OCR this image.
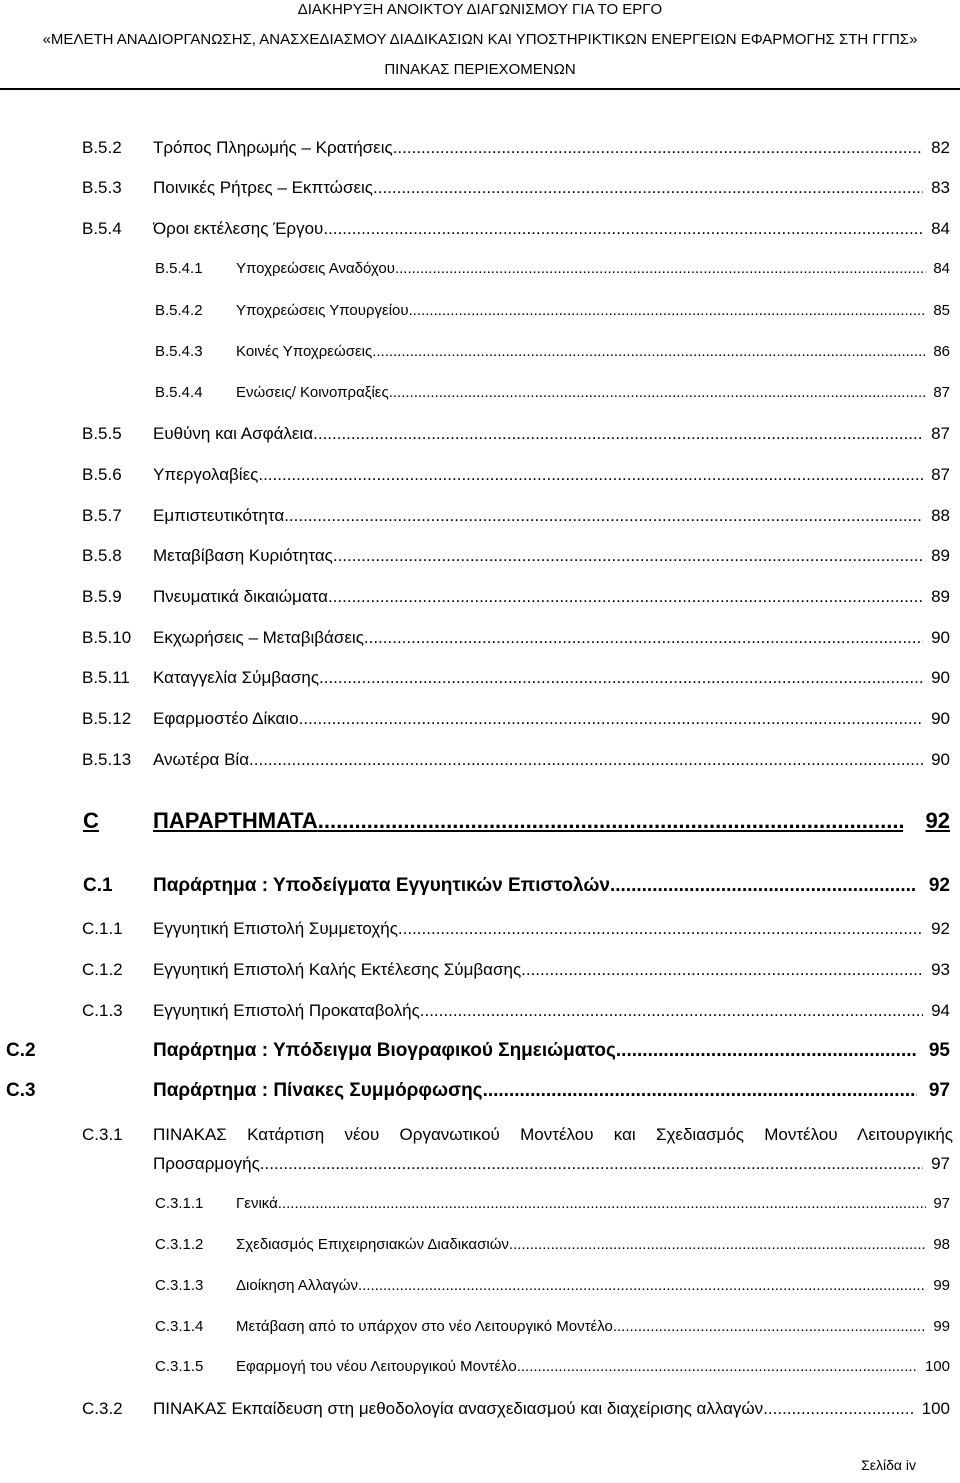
ΔΙΑΚΗΡΥΞΗ ΑΝΟΙΚΤΟΥ ΔΙΑΓΩΝΙΣΜΟΥ ΓΙΑ ΤΟ ΕΡΓΟ
«ΜΕΛΕΤΗ ΑΝΑΔΙΟΡΓΑΝΩΣΗΣ, ΑΝΑΣΧΕΔΙΑΣΜΟΥ ΔΙΑΔΙΚΑΣΙΩΝ ΚΑΙ ΥΠΟΣΤΗΡΙΚΤΙΚΩΝ ΕΝΕΡΓΕΙΩΝ ΕΦΑΡΜΟΓΗΣ ΣΤΗ ΓΓΠΣ»
ΠΙΝΑΚΑΣ ΠΕΡΙΕΧΟΜΕΝΩΝ
B.5.2 Τρόπος Πληρωμής – Κρατήσεις .....	82
B.5.3 Ποινικές Ρήτρες – Εκπτώσεις .....	83
B.5.4 Όροι εκτέλεσης Έργου .....	84
B.5.4.1 Υποχρεώσεις Αναδόχου .....	84
B.5.4.2 Υποχρεώσεις Υπουργείου .....	85
B.5.4.3 Κοινές Υποχρεώσεις .....	86
B.5.4.4 Ενώσεις/ Κοινοπραξίες .....	87
B.5.5 Ευθύνη και Ασφάλεια .....	87
B.5.6 Υπεργολαβίες .....	87
B.5.7 Εμπιστευτικότητα .....	88
B.5.8 Μεταβίβαση Κυριότητας .....	89
B.5.9 Πνευματικά δικαιώματα .....	89
B.5.10 Εκχωρήσεις – Μεταβιβάσεις .....	90
B.5.11 Καταγγελία Σύμβασης .....	90
B.5.12 Εφαρμοστέο Δίκαιο .....	90
B.5.13 Ανωτέρα Βία .....	90
C ΠΑΡΑΡΤΗΜΑΤΑ .....	92
C.1 Παράρτημα : Υποδείγματα Εγγυητικών Επιστολών .....	92
C.1.1 Εγγυητική Επιστολή Συμμετοχής .....	92
C.1.2 Εγγυητική Επιστολή Καλής Εκτέλεσης Σύμβασης .....	93
C.1.3 Εγγυητική Επιστολή Προκαταβολής .....	94
C.2	Παράρτημα : Υπόδειγμα Βιογραφικού Σημειώματος .....	95
C.3	Παράρτημα : Πίνακες Συμμόρφωσης .....	97
C.3.1 ΠΙΝΑΚΑΣ Κατάρτιση νέου Οργανωτικού Μοντέλου και Σχεδιασμός Μοντέλου Λειτουργικής
Προσαρμογής .....	97
C.3.1.1 Γενικά .....	97
C.3.1.2 Σχεδιασμός Επιχειρησιακών Διαδικασιών .....	98
C.3.1.3 Διοίκηση Αλλαγών .....	99
C.3.1.4 Μετάβαση από το υπάρχον στο νέο Λειτουργικό Μοντέλο .....	99
C.3.1.5 Εφαρμογή του νέου Λειτουργικού Μοντέλο .....	100
C.3.2 ΠΙΝΑΚΑΣ Εκπαίδευση στη μεθοδολογία ανασχεδιασμού και διαχείρισης αλλαγών .....	100
Σελίδα iv
